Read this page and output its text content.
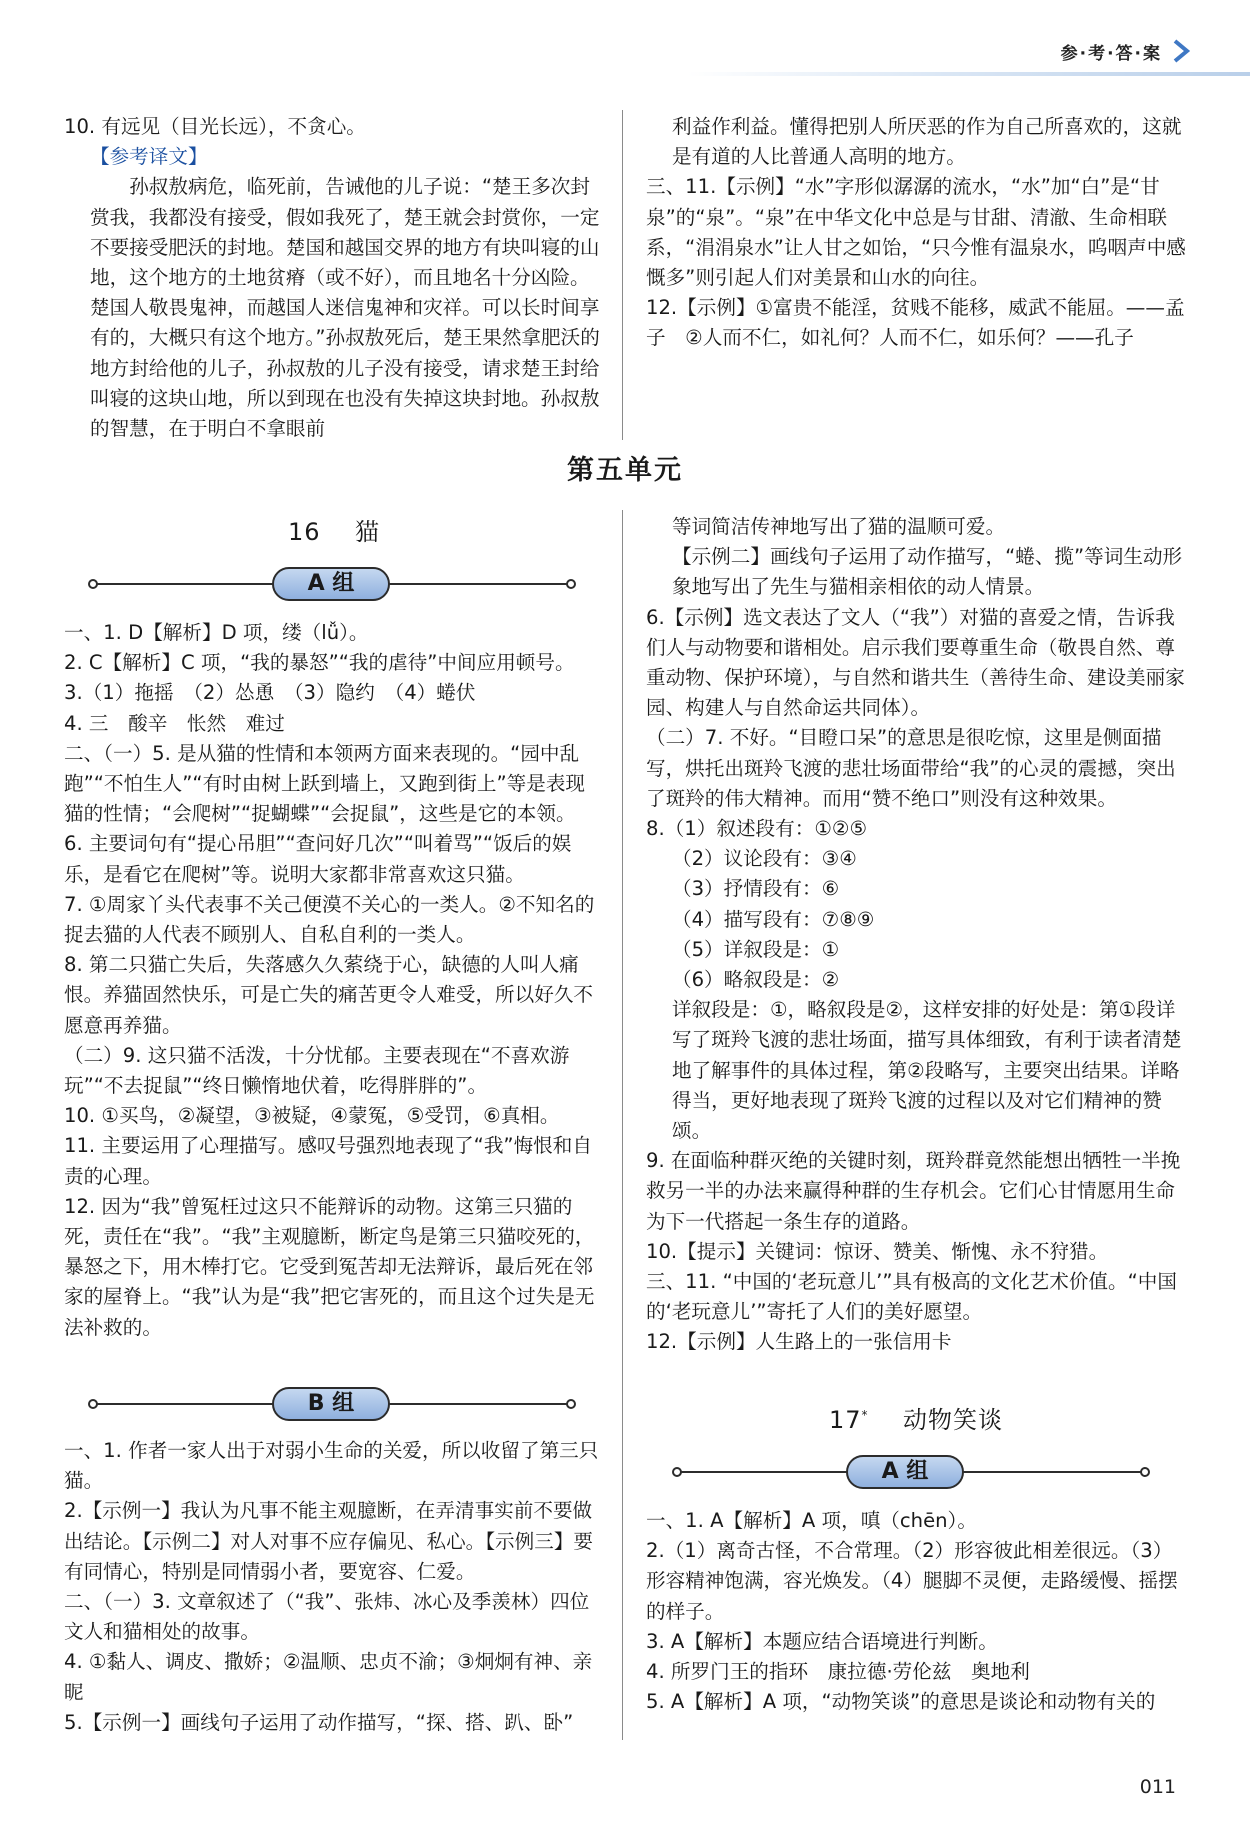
参·考·答·案

10. 有远见（目光长远），不贪心。

【参考译文】

孙叔敖病危，临死前，告诫他的儿子说：“楚王多次封赏我，我都没有接受，假如我死了，楚王就会封赏你，一定不要接受肥沃的封地。楚国和越国交界的地方有块叫寝的山地，这个地方的土地贫瘠（或不好），而且地名十分凶险。楚国人敬畏鬼神，而越国人迷信鬼神和灾祥。可以长时间享有的，大概只有这个地方。”孙叔敖死后，楚王果然拿肥沃的地方封给他的儿子，孙叔敖的儿子没有接受，请求楚王封给叫寝的这块山地，所以到现在也没有失掉这块封地。孙叔敖的智慧，在于明白不拿眼前

利益作利益。懂得把别人所厌恶的作为自己所喜欢的，这就是有道的人比普通人高明的地方。

三、11.【示例】“水”字形似潺潺的流水，“水”加“白”是“甘泉”的“泉”。“泉”在中华文化中总是与甘甜、清澈、生命相联系，“涓涓泉水”让人甘之如饴，“只今惟有温泉水，呜咽声中感慨多”则引起人们对美景和山水的向往。

12.【示例】①富贵不能淫，贫贱不能移，威武不能屈。——孟子　②人而不仁，如礼何？人而不仁，如乐何？——孔子

第五单元
16 猫
A 组

一、1. D【解析】D 项，缕（lǚ）。

2. C【解析】C 项，“我的暴怒”“我的虐待”中间应用顿号。

3.（1）拖摇　（2）怂恿　（3）隐约　（4）蜷伏

4. 三　酸辛　怅然　难过

二、（一）5. 是从猫的性情和本领两方面来表现的。“园中乱跑”“不怕生人”“有时由树上跃到墙上，又跑到街上”等是表现猫的性情；“会爬树”“捉蝴蝶”“会捉鼠”，这些是它的本领。

6. 主要词句有“提心吊胆”“查问好几次”“叫着骂”“饭后的娱乐，是看它在爬树”等。说明大家都非常喜欢这只猫。

7. ①周家丫头代表事不关己便漠不关心的一类人。②不知名的捉去猫的人代表不顾别人、自私自利的一类人。

8. 第二只猫亡失后，失落感久久萦绕于心，缺德的人叫人痛恨。养猫固然快乐，可是亡失的痛苦更令人难受，所以好久不愿意再养猫。

（二）9. 这只猫不活泼，十分忧郁。主要表现在“不喜欢游玩”“不去捉鼠”“终日懒惰地伏着，吃得胖胖的”。

10. ①买鸟，②凝望，③被疑，④蒙冤，⑤受罚，⑥真相。

11. 主要运用了心理描写。感叹号强烈地表现了“我”悔恨和自责的心理。

12. 因为“我”曾冤枉过这只不能辩诉的动物。这第三只猫的死，责任在“我”。“我”主观臆断，断定鸟是第三只猫咬死的，暴怒之下，用木棒打它。它受到冤苦却无法辩诉，最后死在邻家的屋脊上。“我”认为是“我”把它害死的，而且这个过失是无法补救的。

B 组

一、1. 作者一家人出于对弱小生命的关爱，所以收留了第三只猫。

2.【示例一】我认为凡事不能主观臆断，在弄清事实前不要做出结论。【示例二】对人对事不应存偏见、私心。【示例三】要有同情心，特别是同情弱小者，要宽容、仁爱。

二、（一）3. 文章叙述了（“我”、张炜、冰心及季羡林）四位文人和猫相处的故事。

4. ①黏人、调皮、撒娇；②温顺、忠贞不渝；③炯炯有神、亲昵

5.【示例一】画线句子运用了动作描写，“探、搭、趴、卧”

等词简洁传神地写出了猫的温顺可爱。

【示例二】画线句子运用了动作描写，“蜷、揽”等词生动形象地写出了先生与猫相亲相依的动人情景。

6.【示例】选文表达了文人（“我”）对猫的喜爱之情，告诉我们人与动物要和谐相处。启示我们要尊重生命（敬畏自然、尊重动物、保护环境），与自然和谐共生（善待生命、建设美丽家园、构建人与自然命运共同体）。

（二）7. 不好。“目瞪口呆”的意思是很吃惊，这里是侧面描写，烘托出斑羚飞渡的悲壮场面带给“我”的心灵的震撼，突出了斑羚的伟大精神。而用“赞不绝口”则没有这种效果。

8.（1）叙述段有：①②⑤

（2）议论段有：③④

（3）抒情段有：⑥

（4）描写段有：⑦⑧⑨

（5）详叙段是：①

（6）略叙段是：②

详叙段是：①，略叙段是②，这样安排的好处是：第①段详写了斑羚飞渡的悲壮场面，描写具体细致，有利于读者清楚地了解事件的具体过程，第②段略写，主要突出结果。详略得当，更好地表现了斑羚飞渡的过程以及对它们精神的赞颂。

9. 在面临种群灭绝的关键时刻，斑羚群竟然能想出牺牲一半挽救另一半的办法来赢得种群的生存机会。它们心甘情愿用生命为下一代搭起一条生存的道路。

10.【提示】关键词：惊讶、赞美、惭愧、永不狩猎。

三、11. “中国的‘老玩意儿’”具有极高的文化艺术价值。“中国的‘老玩意儿’”寄托了人们的美好愿望。

12.【示例】人生路上的一张信用卡

17* 动物笑谈
A 组

一、1. A【解析】A 项，嗔（chēn）。

2.（1）离奇古怪，不合常理。（2）形容彼此相差很远。（3）形容精神饱满，容光焕发。（4）腿脚不灵便，走路缓慢、摇摆的样子。

3. A【解析】本题应结合语境进行判断。

4. 所罗门王的指环　康拉德·劳伦兹　奥地利

5. A【解析】A 项，“动物笑谈”的意思是谈论和动物有关的

011
